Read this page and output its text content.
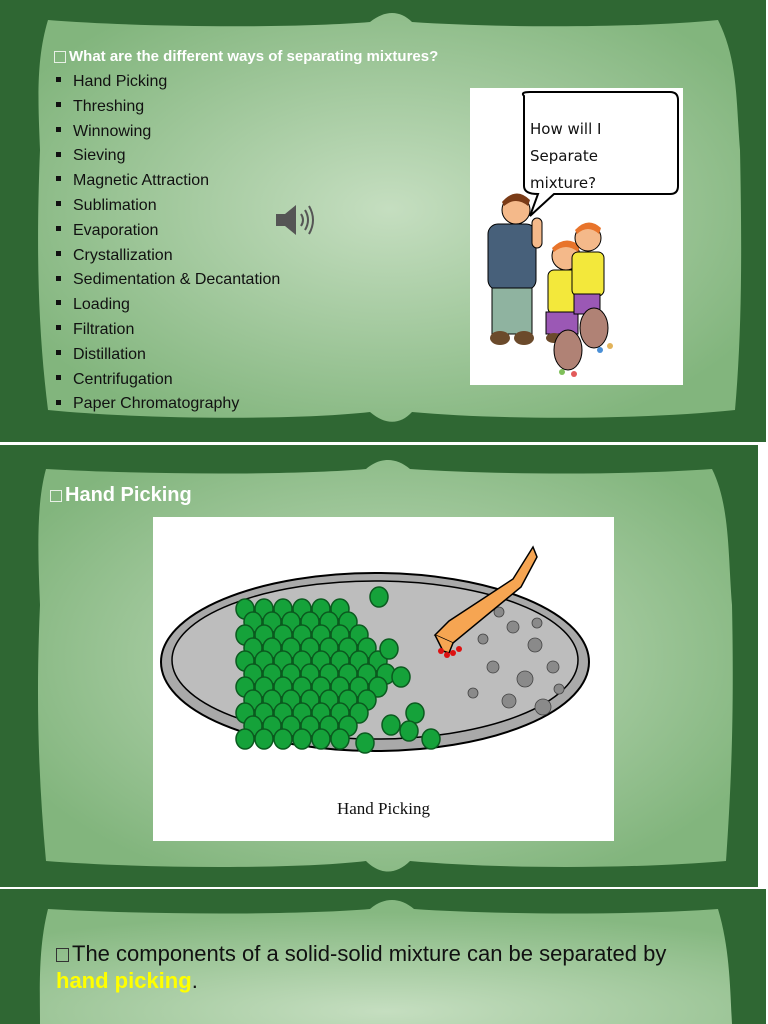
What are the different ways of separating mixtures?
Hand Picking
Threshing
Winnowing
Sieving
Magnetic Attraction
Sublimation
Evaporation
Crystallization
Sedimentation & Decantation
Loading
Filtration
Distillation
Centrifugation
Paper Chromatography
How will I Separate
mixture?
Hand Picking
Hand Picking
The components of a solid-solid mixture can be separated by hand picking.
